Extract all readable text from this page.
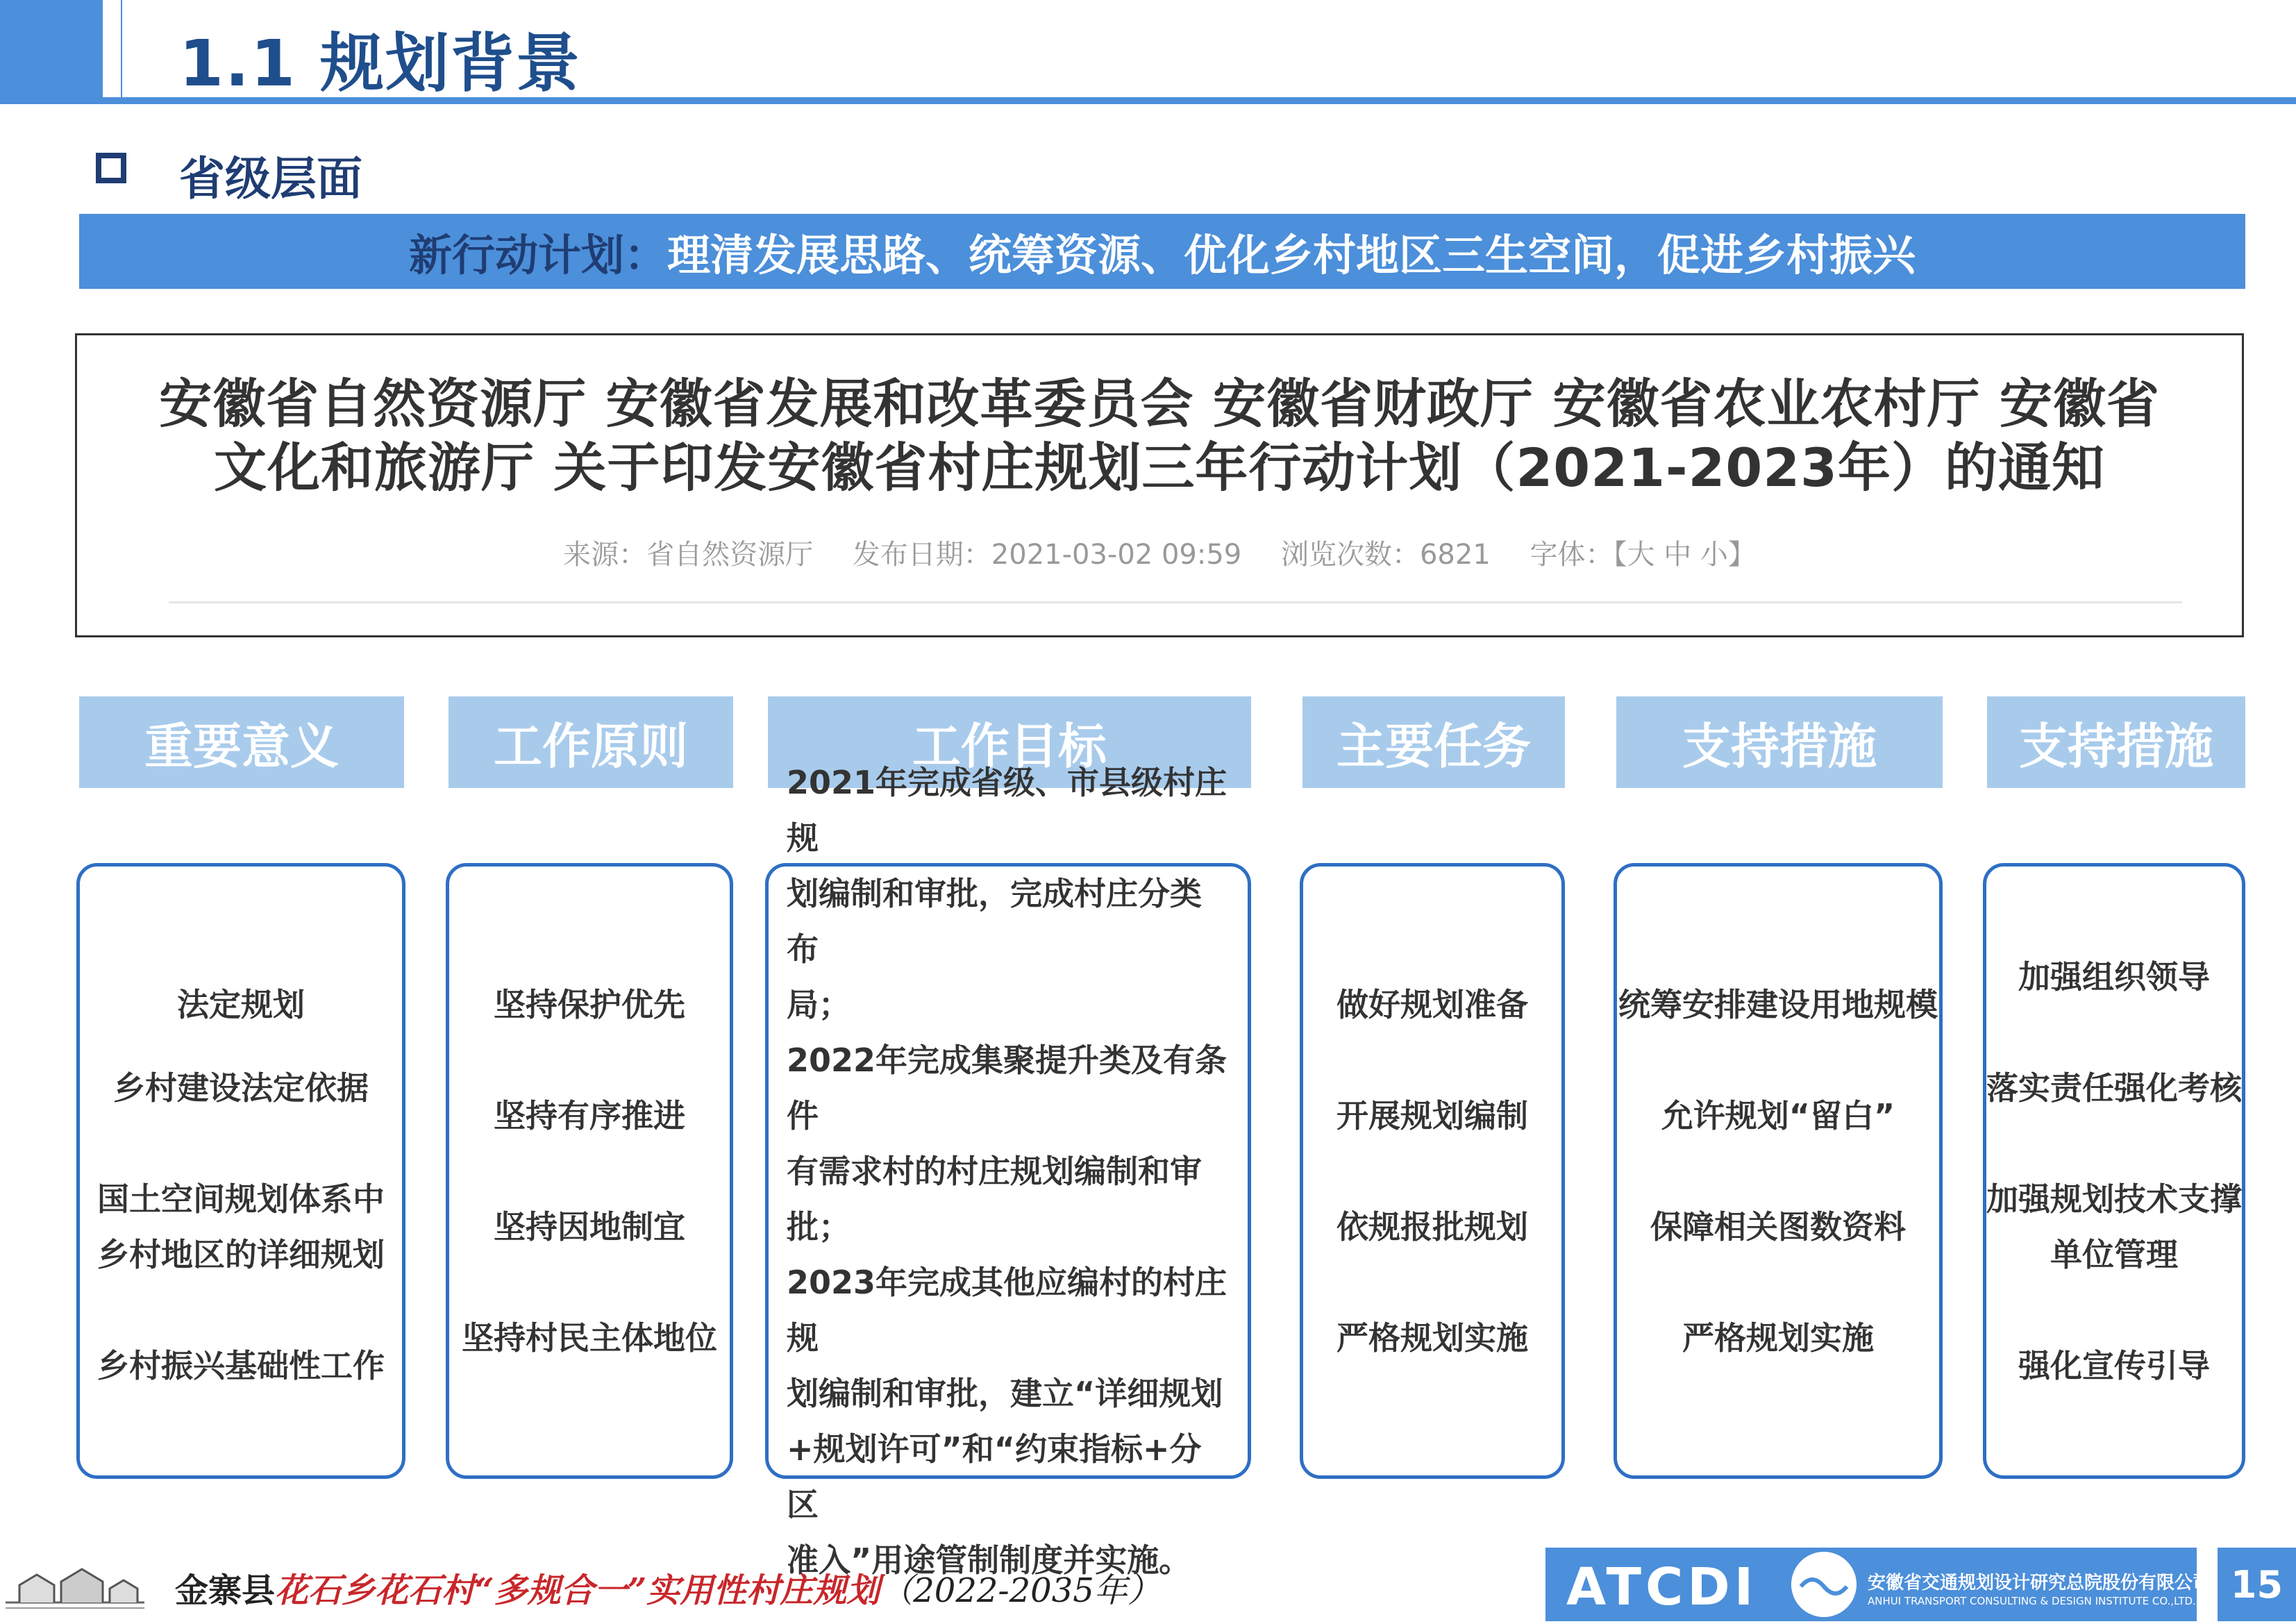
1.1 规划背景
省级层面
新行动计划： 理清发展思路、统筹资源、优化乡村地区三生空间，促进乡村振兴
安徽省自然资源厅 安徽省发展和改革委员会 安徽省财政厅 安徽省农业农村厅 安徽省
文化和旅游厅 关于印发安徽省村庄规划三年行动计划（2021-2023年）的通知
来源：省自然资源厅 发布日期：2021-03-02 09:59 浏览次数：6821 字体：【大 中 小】
重要意义	工作原则	工作目标	主要任务	支持措施	支持措施
法定规划
乡村建设法定依据
国土空间规划体系中
乡村地区的详细规划
乡村振兴基础性工作
坚持保护优先
坚持有序推进
坚持因地制宜
坚持村民主体地位
2021年完成省级、市县级村庄规
划编制和审批，完成村庄分类布
局；
2022年完成集聚提升类及有条件
有需求村的村庄规划编制和审批；
2023年完成其他应编村的村庄规
划编制和审批，建立“详细规划
+规划许可”和“约束指标+分区
准入”用途管制制度并实施。
做好规划准备
开展规划编制
依规报批规划
严格规划实施
统筹安排建设用地规模
允许规划“留白”
保障相关图数资料
严格规划实施
加强组织领导
落实责任强化考核
加强规划技术支撑
单位管理
强化宣传引导
金寨县花石乡花石村“多规合一”实用性村庄规划（2022-2035年）	ATCDI	安徽省交通规划设计研究总院股份有限公司
ANHUI TRANSPORT CONSULTING & DESIGN INSTITUTE CO.,LTD. 15
